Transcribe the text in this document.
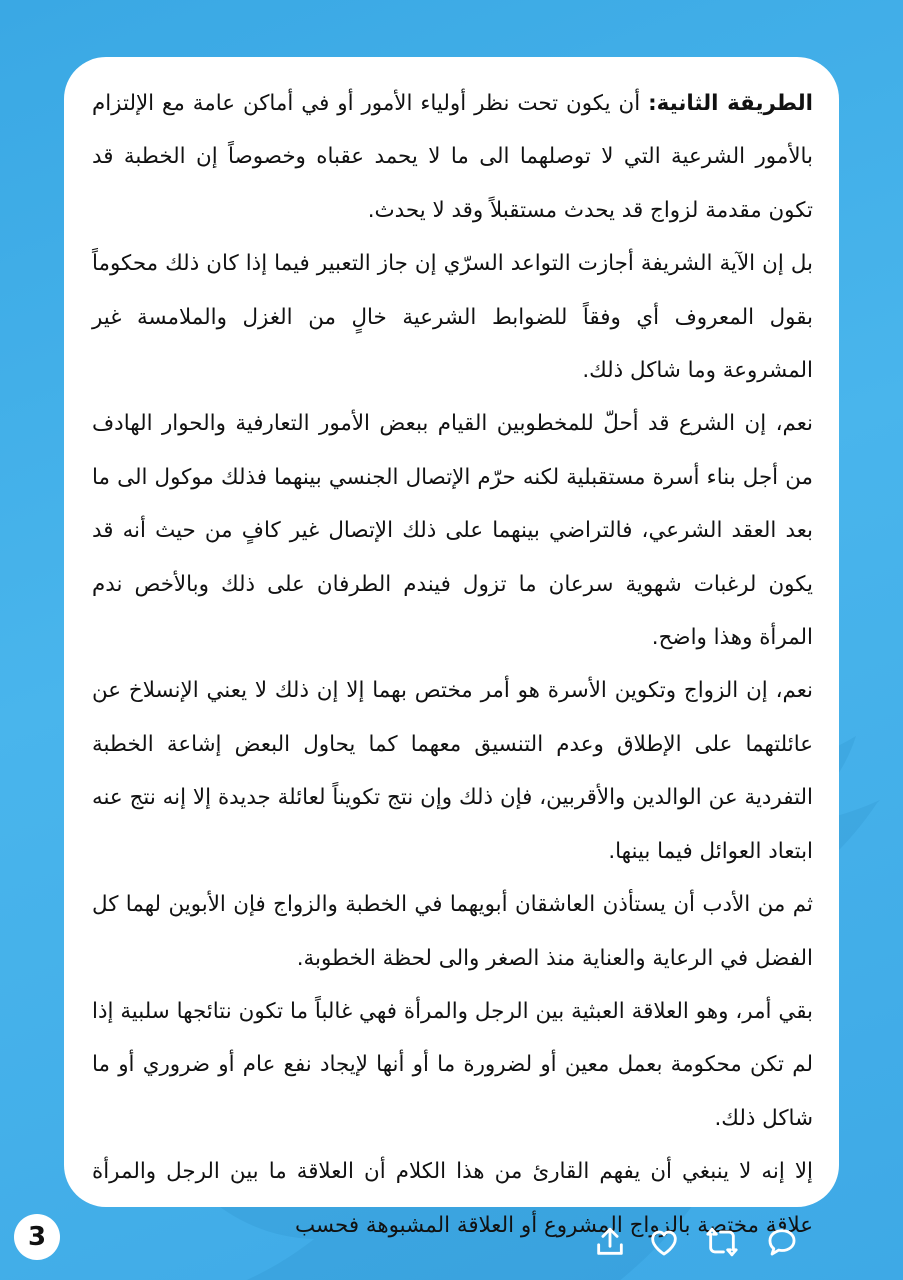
الطريقة الثانية: أن يكون تحت نظر أولياء الأمور أو في أماكن عامة مع الإلتزام بالأمور الشرعية التي لا توصلهما الى ما لا يحمد عقباه وخصوصاً إن الخطبة قد تكون مقدمة لزواج قد يحدث مستقبلاً وقد لا يحدث.

بل إن الآية الشريفة أجازت التواعد السرّي إن جاز التعبير فيما إذا كان ذلك محكوماً بقول المعروف أي وفقاً للضوابط الشرعية خالٍ من الغزل والملامسة غير المشروعة وما شاكل ذلك.

نعم، إن الشرع قد أحلّ للمخطوبين القيام ببعض الأمور التعارفية والحوار الهادف من أجل بناء أسرة مستقبلية لكنه حرّم الإتصال الجنسي بينهما فذلك موكول الى ما بعد العقد الشرعي، فالتراضي بينهما على ذلك الإتصال غير كافٍ من حيث أنه قد يكون لرغبات شهوية سرعان ما تزول فيندم الطرفان على ذلك وبالأخص ندم المرأة وهذا واضح.

نعم، إن الزواج وتكوين الأسرة هو أمر مختص بهما إلا إن ذلك لا يعني الإنسلاخ عن عائلتهما على الإطلاق وعدم التنسيق معهما كما يحاول البعض إشاعة الخطبة التفردية عن الوالدين والأقربين، فإن ذلك وإن نتج تكويناً لعائلة جديدة إلا إنه نتج عنه ابتعاد العوائل فيما بينها.

ثم من الأدب أن يستأذن العاشقان أبويهما في الخطبة والزواج فإن الأبوين لهما كل الفضل في الرعاية والعناية منذ الصغر والى لحظة الخطوبة.

بقي أمر، وهو العلاقة العبثية بين الرجل والمرأة فهي غالباً ما تكون نتائجها سلبية إذا لم تكن محكومة بعمل معين أو لضرورة ما أو أنها لإيجاد نفع عام أو ضروري أو ما شاكل ذلك.

إلا إنه لا ينبغي أن يفهم القارئ من هذا الكلام أن العلاقة ما بين الرجل والمرأة علاقة مختصة بالزواج المشروع أو العلاقة المشبوهة فحسب

3
